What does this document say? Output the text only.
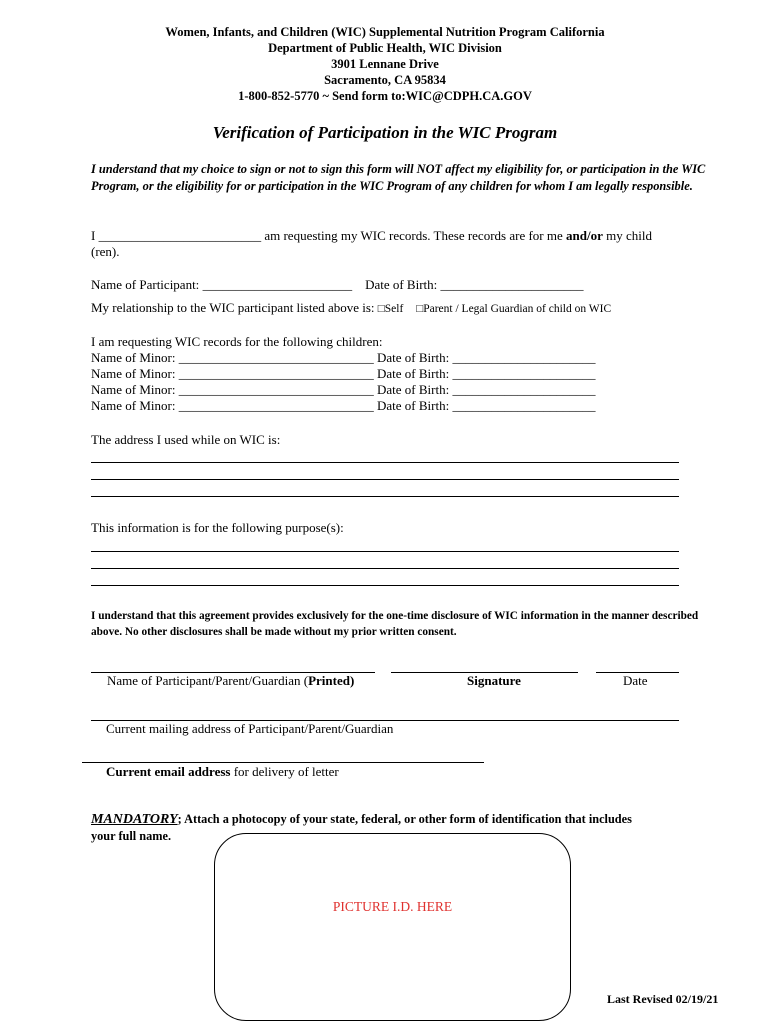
Women, Infants, and Children (WIC) Supplemental Nutrition Program California
Department of Public Health, WIC Division
3901 Lennane Drive
Sacramento, CA 95834
1-800-852-5770 ~ Send form to:WIC@CDPH.CA.GOV
Verification of Participation in the WIC Program
I understand that my choice to sign or not to sign this form will NOT affect my eligibility for, or participation in the WIC Program, or the eligibility for or participation in the WIC Program of any children for whom I am legally responsible.
I _________________________ am requesting my WIC records. These records are for me and/or my child
(ren).
Name of Participant: _______________________ Date of Birth: ______________________
My relationship to the WIC participant listed above is: □Self □Parent / Legal Guardian of child on WIC
I am requesting WIC records for the following children:
Name of Minor: ______________________________ Date of Birth: ______________________
Name of Minor: ______________________________ Date of Birth: ______________________
Name of Minor: ______________________________ Date of Birth: ______________________
Name of Minor: ______________________________ Date of Birth: ______________________
The address I used while on WIC is:
This information is for the following purpose(s):
I understand that this agreement provides exclusively for the one-time disclosure of WIC information in the manner described above. No other disclosures shall be made without my prior written consent.
Name of Participant/Parent/Guardian (Printed)	Signature	Date
Current mailing address of Participant/Parent/Guardian
Current email address for delivery of letter
MANDATORY; Attach a photocopy of your state, federal, or other form of identification that includes
your full name.
PICTURE I.D. HERE
Last Revised 02/19/21
